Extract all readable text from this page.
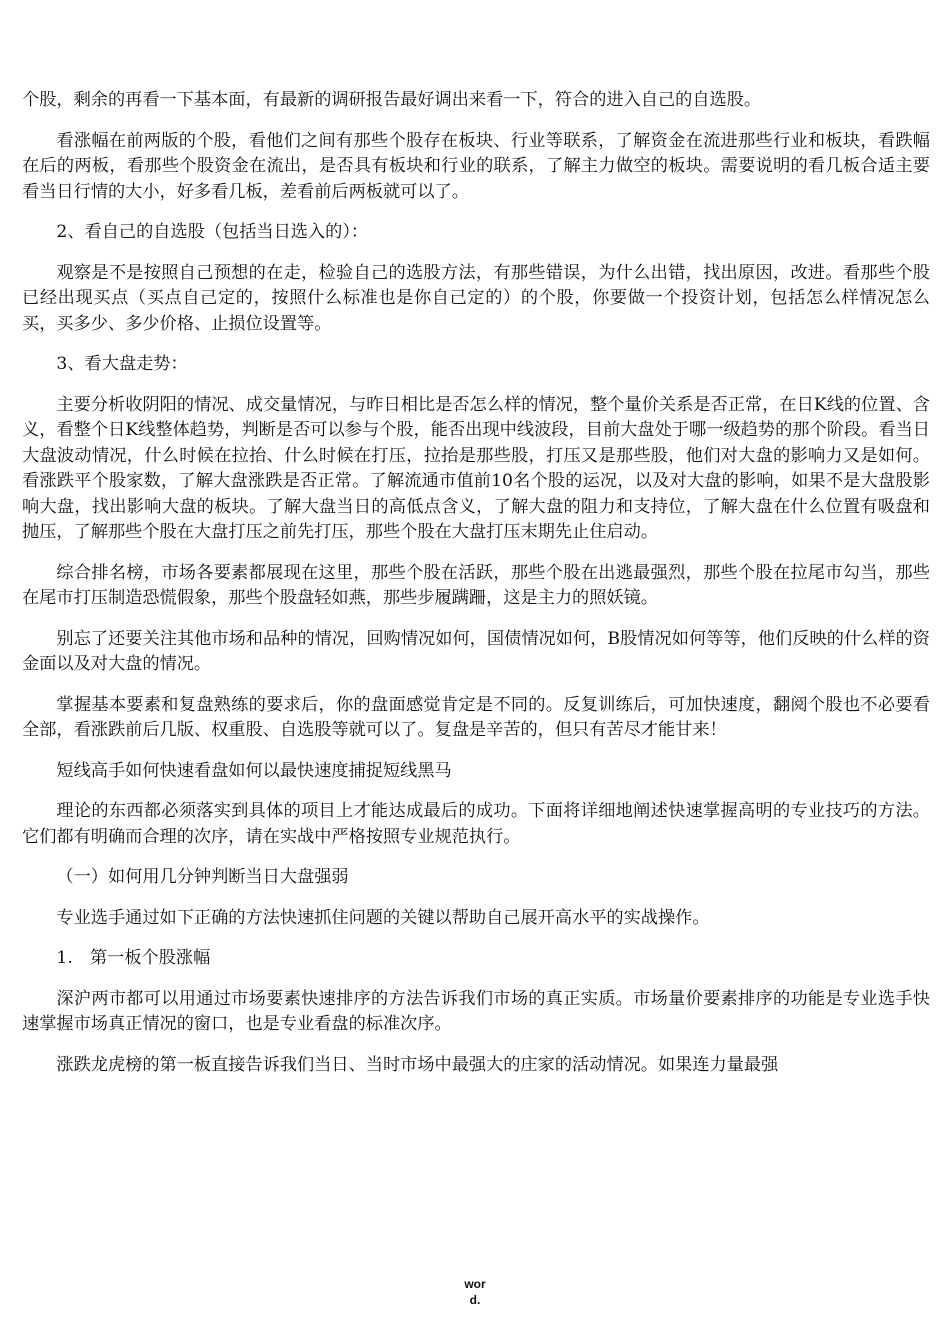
个股，剩余的再看一下基本面，有最新的调研报告最好调出来看一下，符合的进入自己的自选股。

看涨幅在前两版的个股，看他们之间有那些个股存在板块、行业等联系，了解资金在流进那些行业和板块，看跌幅在后的两板，看那些个股资金在流出，是否具有板块和行业的联系，了解主力做空的板块。需要说明的看几板合适主要看当日行情的大小，好多看几板，差看前后两板就可以了。

2、看自己的自选股（包括当日选入的）：

观察是不是按照自己预想的在走，检验自己的选股方法，有那些错误，为什么出错，找出原因，改进。看那些个股已经出现买点（买点自己定的，按照什么标准也是你自己定的）的个股，你要做一个投资计划，包括怎么样情况怎么买，买多少、多少价格、止损位设置等。

3、看大盘走势：

主要分析收阴阳的情况、成交量情况，与昨日相比是否怎么样的情况，整个量价关系是否正常，在日K线的位置、含义，看整个日K线整体趋势，判断是否可以参与个股，能否出现中线波段，目前大盘处于哪一级趋势的那个阶段。看当日大盘波动情况，什么时候在拉抬、什么时候在打压，拉抬是那些股，打压又是那些股，他们对大盘的影响力又是如何。看涨跌平个股家数，了解大盘涨跌是否正常。了解流通市值前10名个股的运况，以及对大盘的影响，如果不是大盘股影响大盘，找出影响大盘的板块。了解大盘当日的高低点含义，了解大盘的阻力和支持位，了解大盘在什么位置有吸盘和抛压，了解那些个股在大盘打压之前先打压，那些个股在大盘打压末期先止住启动。

综合排名榜，市场各要素都展现在这里，那些个股在活跃，那些个股在出逃最强烈，那些个股在拉尾市勾当，那些在尾市打压制造恐慌假象，那些个股盘轻如燕，那些步履蹒跚，这是主力的照妖镜。

别忘了还要关注其他市场和品种的情况，回购情况如何，国债情况如何，B股情况如何等等，他们反映的什么样的资金面以及对大盘的情况。

掌握基本要素和复盘熟练的要求后，你的盘面感觉肯定是不同的。反复训练后，可加快速度，翻阅个股也不必要看全部，看涨跌前后几版、权重股、自选股等就可以了。复盘是辛苦的，但只有苦尽才能甘来！

短线高手如何快速看盘如何以最快速度捕捉短线黑马

理论的东西都必须落实到具体的项目上才能达成最后的成功。下面将详细地阐述快速掌握高明的专业技巧的方法。它们都有明确而合理的次序，请在实战中严格按照专业规范执行。

（一）如何用几分钟判断当日大盘强弱

专业选手通过如下正确的方法快速抓住问题的关键以帮助自己展开高水平的实战操作。

1.　第一板个股涨幅

深沪两市都可以用通过市场要素快速排序的方法告诉我们市场的真正实质。市场量价要素排序的功能是专业选手快速掌握市场真正情况的窗口，也是专业看盘的标准次序。

涨跌龙虎榜的第一板直接告诉我们当日、当时市场中最强大的庄家的活动情况。如果连力量最强

wor
d.
